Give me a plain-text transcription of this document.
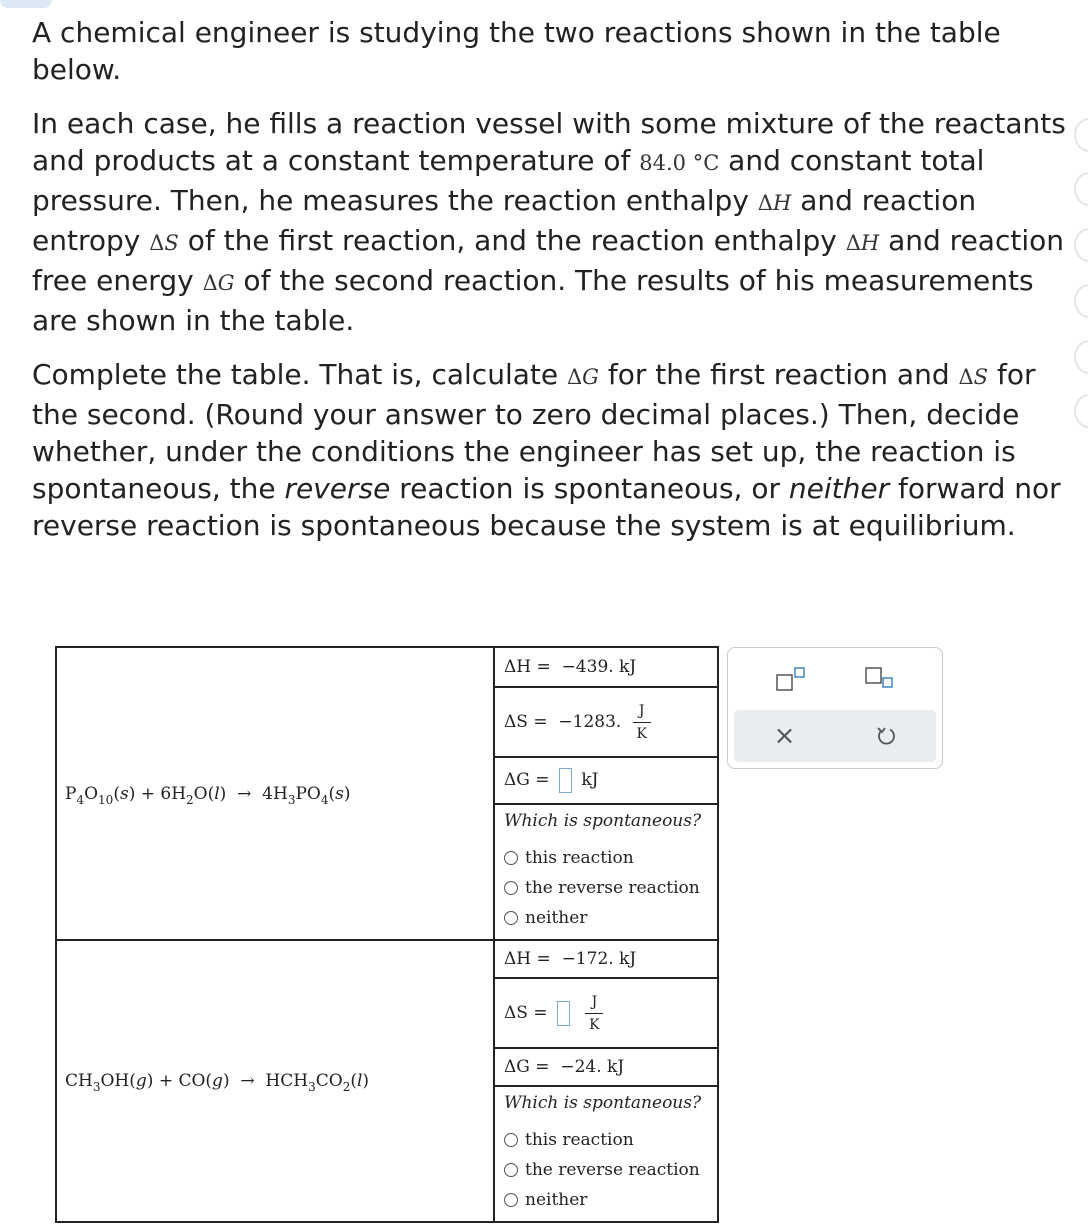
A chemical engineer is studying the two reactions shown in the table below.

In each case, he fills a reaction vessel with some mixture of the reactants and products at a constant temperature of 84.0 °C and constant total pressure. Then, he measures the reaction enthalpy ΔH and reaction entropy ΔS of the first reaction, and the reaction enthalpy ΔH and reaction free energy ΔG of the second reaction. The results of his measurements are shown in the table.

Complete the table. That is, calculate ΔG for the first reaction and ΔS for the second. (Round your answer to zero decimal places.) Then, decide whether, under the conditions the engineer has set up, the reaction is spontaneous, the reverse reaction is spontaneous, or neither forward nor reverse reaction is spontaneous because the system is at equilibrium.

$P_4O_{10}(s) + 6H_2O(l) \to 4H_3PO_4(s)$	ΔH = −439. kJ
	ΔS = −1283. $\frac{J}{K}$

	ΔG = kJ

	Which is spontaneous?
this reaction
the reverse reaction
neither

$CH_3OH(g) + CO(g) \to HCH_3CO_2(l)$	ΔH = −172. kJ
	$\Delta S = \frac{J}{K}$

	ΔG = −24. kJ

	Which is spontaneous?
this reaction
the reverse reaction
neither
×
